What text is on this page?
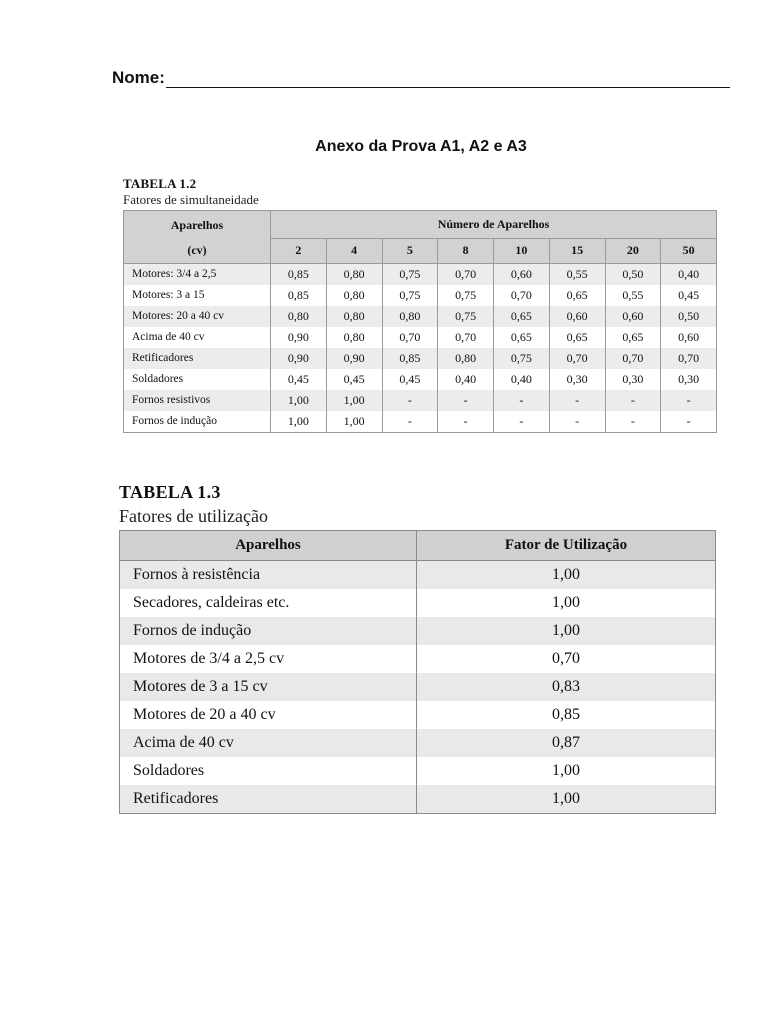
Nome:
Anexo da Prova A1, A2 e A3
TABELA 1.2
Fatores de simultaneidade
Aparelhos
(cv)	Número de Aparelhos							
	2	4	5	8	10	15	20	50
Motores: 3/4 a 2,5	0,85	0,80	0,75	0,70	0,60	0,55	0,50	0,40
Motores: 3 a 15	0,85	0,80	0,75	0,75	0,70	0,65	0,55	0,45
Motores: 20 a 40 cv	0,80	0,80	0,80	0,75	0,65	0,60	0,60	0,50
Acima de 40 cv	0,90	0,80	0,70	0,70	0,65	0,65	0,65	0,60
Retificadores	0,90	0,90	0,85	0,80	0,75	0,70	0,70	0,70
Soldadores	0,45	0,45	0,45	0,40	0,40	0,30	0,30	0,30
Fornos resistivos	1,00	1,00	-	-	-	-	-	-
Fornos de indução	1,00	1,00	-	-	-	-	-	-
TABELA 1.3
Fatores de utilização
Aparelhos	Fator de Utilização
Fornos à resistência	1,00
Secadores, caldeiras etc.	1,00
Fornos de indução	1,00
Motores de 3/4 a 2,5 cv	0,70
Motores de 3 a 15 cv	0,83
Motores de 20 a 40 cv	0,85
Acima de 40 cv	0,87
Soldadores	1,00
Retificadores	1,00
